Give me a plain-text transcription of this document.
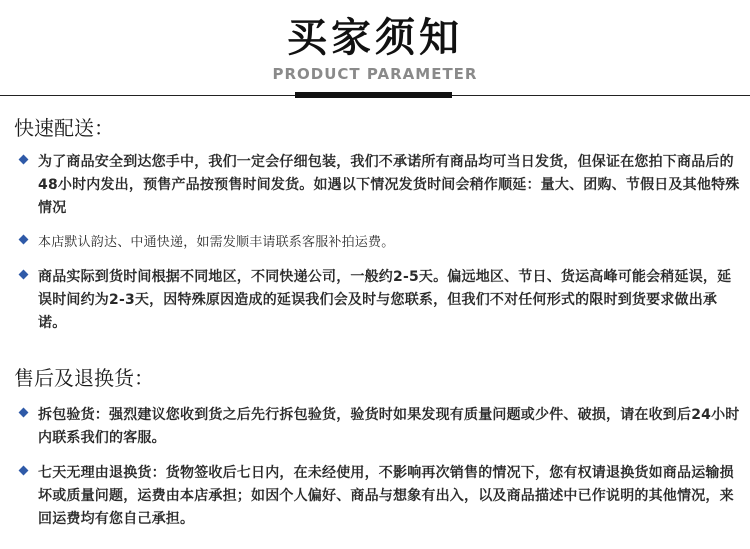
买家须知
PRODUCT PARAMETER
快速配送：
为了商品安全到达您手中，我们一定会仔细包装，我们不承诺所有商品均可当日发货，但保证在您拍下商品后的48小时内发出，预售产品按预售时间发货。如遇以下情况发货时间会稍作顺延：量大、团购、节假日及其他特殊情况
本店默认韵达、中通快递，如需发顺丰请联系客服补拍运费。
商品实际到货时间根据不同地区，不同快递公司，一般约2-5天。偏远地区、节日、货运高峰可能会稍延误，延误时间约为2-3天，因特殊原因造成的延误我们会及时与您联系，但我们不对任何形式的限时到货要求做出承诺。
售后及退换货：
拆包验货：强烈建议您收到货之后先行拆包验货，验货时如果发现有质量问题或少件、破损，请在收到后24小时内联系我们的客服。
七天无理由退换货：货物签收后七日内，在未经使用，不影响再次销售的情况下，您有权请退换货如商品运输损坏或质量问题，运费由本店承担；如因个人偏好、商品与想象有出入，以及商品描述中已作说明的其他情况，来回运费均有您自己承担。
